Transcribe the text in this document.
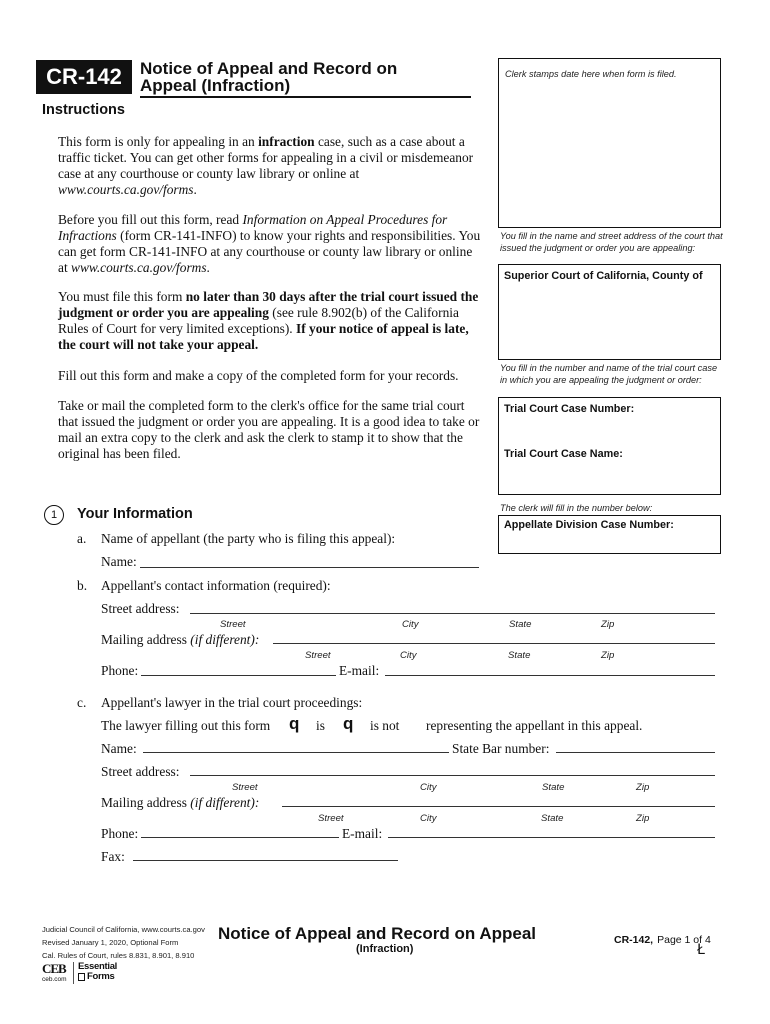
CR-142	Notice of Appeal and Record on
Appeal (Infraction)
Instructions
This form is only for appealing in an infraction case, such as a case about a traffic ticket. You can get other forms for appealing in a civil or misdemeanor case at any courthouse or county law library or online at www.courts.ca.gov/forms.
Before you fill out this form, read Information on Appeal Procedures for Infractions (form CR-141-INFO) to know your rights and responsibilities. You can get form CR-141-INFO at any courthouse or county law library or online at www.courts.ca.gov/forms.
You must file this form no later than 30 days after the trial court issued the judgment or order you are appealing (see rule 8.902(b) of the California Rules of Court for very limited exceptions). If your notice of appeal is late, the court will not take your appeal.
Fill out this form and make a copy of the completed form for your records.
Take or mail the completed form to the clerk's office for the same trial court that issued the judgment or order you are appealing. It is a good idea to take or mail an extra copy to the clerk and ask the clerk to stamp it to show that the original has been filed.
Clerk stamps date here when form is filed.
You fill in the name and street address of the court that issued the judgment or order you are appealing:
Superior Court of California, County of
You fill in the number and name of the trial court case in which you are appealing the judgment or order:
Trial Court Case Number:
Trial Court Case Name:
The clerk will fill in the number below:
Appellate Division Case Number:
1	Your Information
a. Name of appellant (the party who is filing this appeal):
Name:
b. Appellant's contact information (required):
Street address:
Street	City	State	Zip
Mailing address (if different):
Street	City	State	Zip
Phone:	E-mail:
c. Appellant's lawyer in the trial court proceedings:
The lawyer filling out this form q is q is not representing the appellant in this appeal.
Name:	State Bar number:
Street address:
Street	City	State	Zip
Mailing address (if different):
Street	City	State	Zip
Phone:	E-mail:
Fax:
Judicial Council of California, www.courts.ca.gov
Revised January 1, 2020, Optional Form
Cal. Rules of Court, rules 8.831, 8.901, 8.910
Notice of Appeal and Record on Appeal
(Infraction)
CR-142, Page 1 of 4
Ł
CEB
ceb.com
Essential
Forms
